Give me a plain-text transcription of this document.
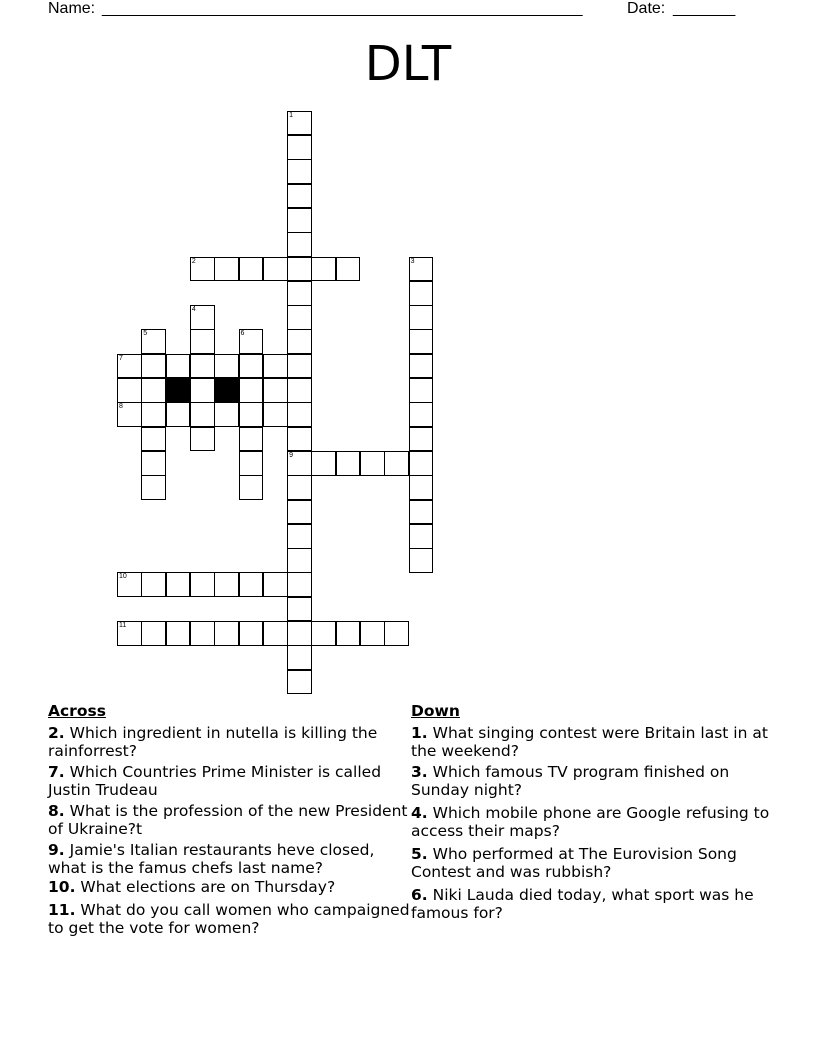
Name: ______________________________________________________	Date: _______
DLT
1
9
2	3
4
5	6
7
8
10
11
Across
2. Which ingredient in nutella is killing the rainforrest?
7. Which Countries Prime Minister is called Justin Trudeau
8. What is the profession of the new President of Ukraine?t
9. Jamie's Italian restaurants heve closed, what is the famus chefs last name?
10. What elections are on Thursday?
11. What do you call women who campaigned to get the vote for women?
Down
1. What singing contest were Britain last in at the weekend?
3. Which famous TV program finished on Sunday night?
4. Which mobile phone are Google refusing to access their maps?
5. Who performed at The Eurovision Song Contest and was rubbish?
6. Niki Lauda died today, what sport was he famous for?
